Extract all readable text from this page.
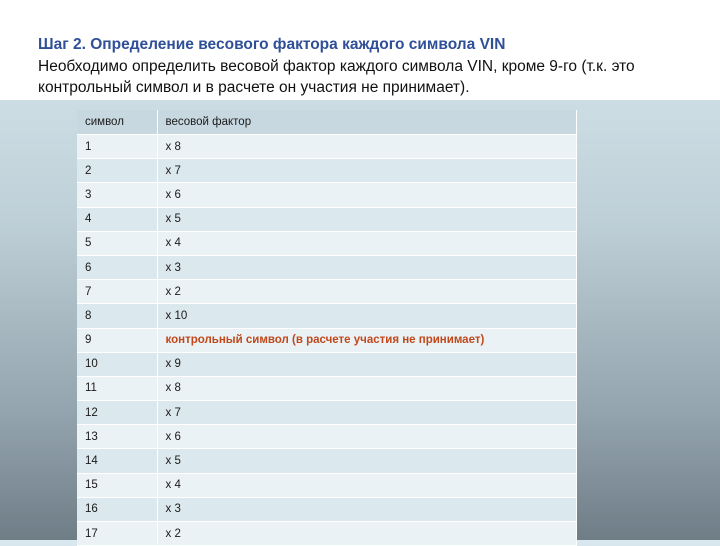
Шаг 2. Определение весового фактора каждого символа VIN
Необходимо определить весовой фактор каждого символа VIN, кроме 9-го (т.к. это контрольный символ и в расчете он участия не принимает).
символ	весовой фактор
1	x 8
2	x 7
3	x 6
4	x 5
5	x 4
6	x 3
7	x 2
8	x 10
9	контрольный символ (в расчете участия не принимает)
10	x 9
11	x 8
12	x 7
13	x 6
14	x 5
15	x 4
16	x 3
17	x 2
